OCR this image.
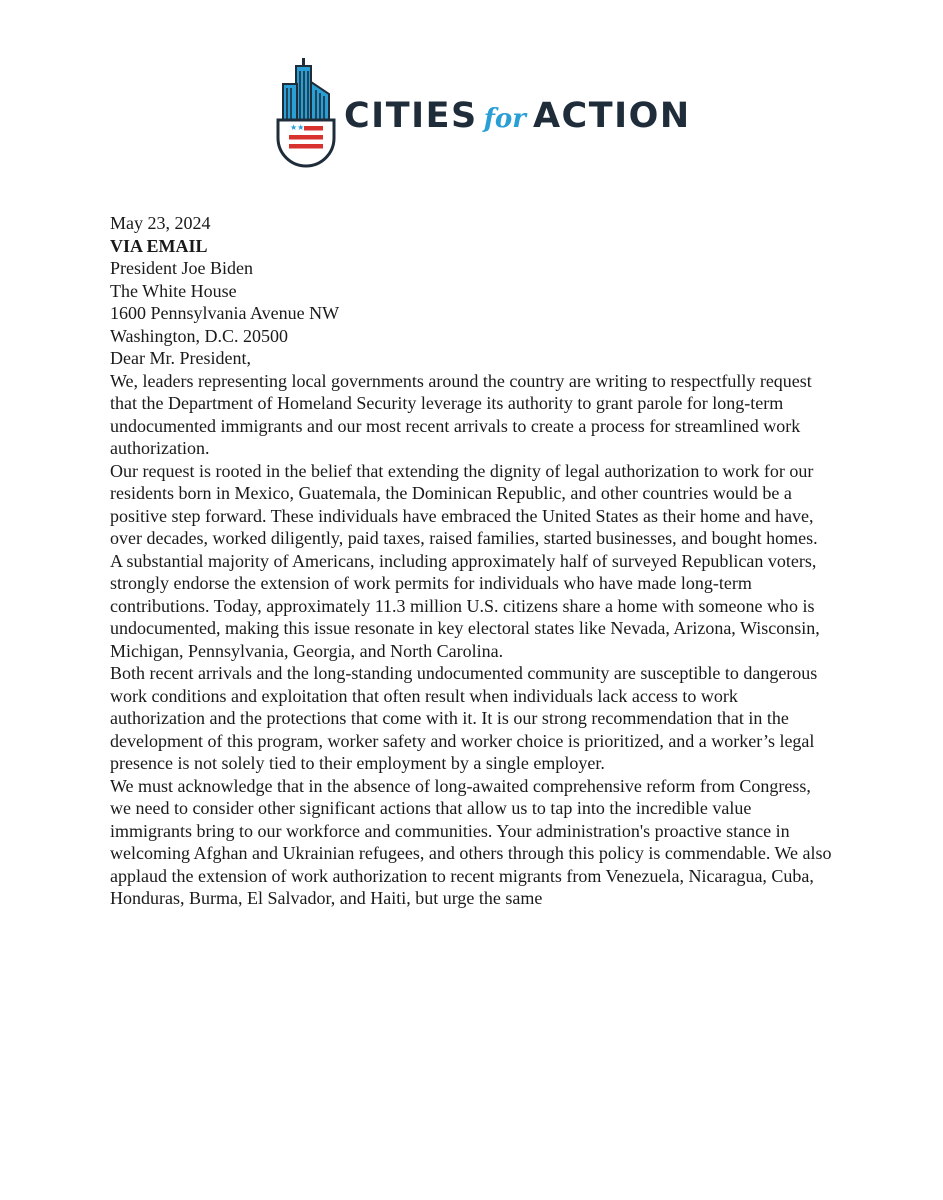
★★ CITIES for ACTION

May 23, 2024

VIA EMAIL

President Joe Biden
The White House
1600 Pennsylvania Avenue NW
Washington, D.C. 20500

Dear Mr. President,

We, leaders representing local governments around the country are writing to respectfully request that the Department of Homeland Security leverage its authority to grant parole for long-term undocumented immigrants and our most recent arrivals to create a process for streamlined work authorization.

Our request is rooted in the belief that extending the dignity of legal authorization to work for our residents born in Mexico, Guatemala, the Dominican Republic, and other countries would be a positive step forward. These individuals have embraced the United States as their home and have, over decades, worked diligently, paid taxes, raised families, started businesses, and bought homes.

A substantial majority of Americans, including approximately half of surveyed Republican voters, strongly endorse the extension of work permits for individuals who have made long-term contributions. Today, approximately 11.3 million U.S. citizens share a home with someone who is undocumented, making this issue resonate in key electoral states like Nevada, Arizona, Wisconsin, Michigan, Pennsylvania, Georgia, and North Carolina.

Both recent arrivals and the long-standing undocumented community are susceptible to dangerous work conditions and exploitation that often result when individuals lack access to work authorization and the protections that come with it. It is our strong recommendation that in the development of this program, worker safety and worker choice is prioritized, and a worker’s legal presence is not solely tied to their employment by a single employer.

We must acknowledge that in the absence of long-awaited comprehensive reform from Congress, we need to consider other significant actions that allow us to tap into the incredible value immigrants bring to our workforce and communities. Your administration's proactive stance in welcoming Afghan and Ukrainian refugees, and others through this policy is commendable. We also applaud the extension of work authorization to recent migrants from Venezuela, Nicaragua, Cuba, Honduras, Burma, El Salvador, and Haiti, but urge the same
